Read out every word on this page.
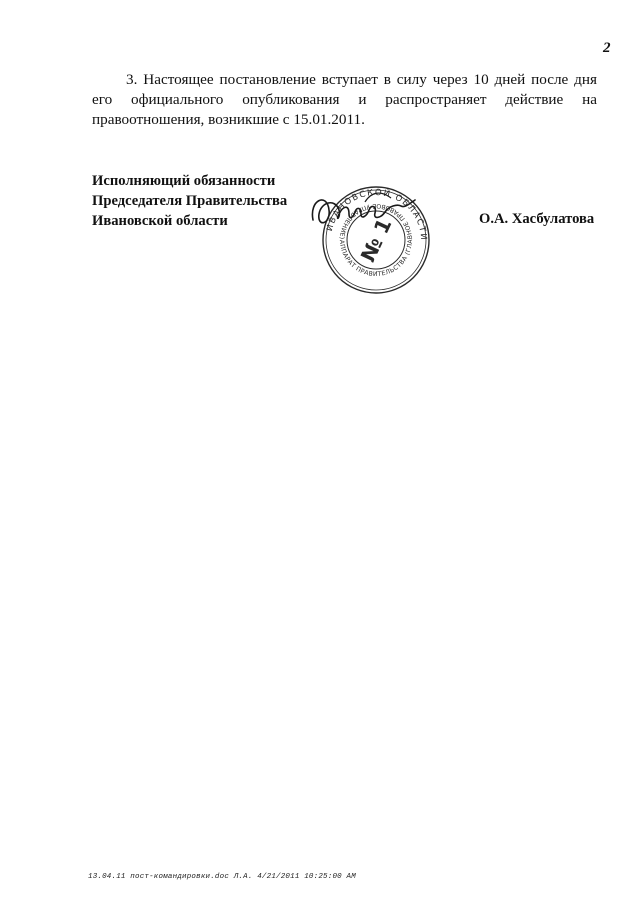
2
3. Настоящее постановление вступает в силу через 10 дней после дня его официального опубликования и распространяет действие на правоотношения, возникшие с 15.01.2011.
Исполняющий обязанности
Председателя Правительства
Ивановской области	ИВАНОВСКОЙ ОБЛАСТИ
АППАРАТ ПРАВИТЕЛЬСТВА (ГЛАВНОЕ ПРАВОВОЕ УПРАВЛЕНИЕ) № 1	О.А. Хасбулатова
13.04.11 пост-командировки.doc Л.А. 4/21/2011 10:25:00 AM
